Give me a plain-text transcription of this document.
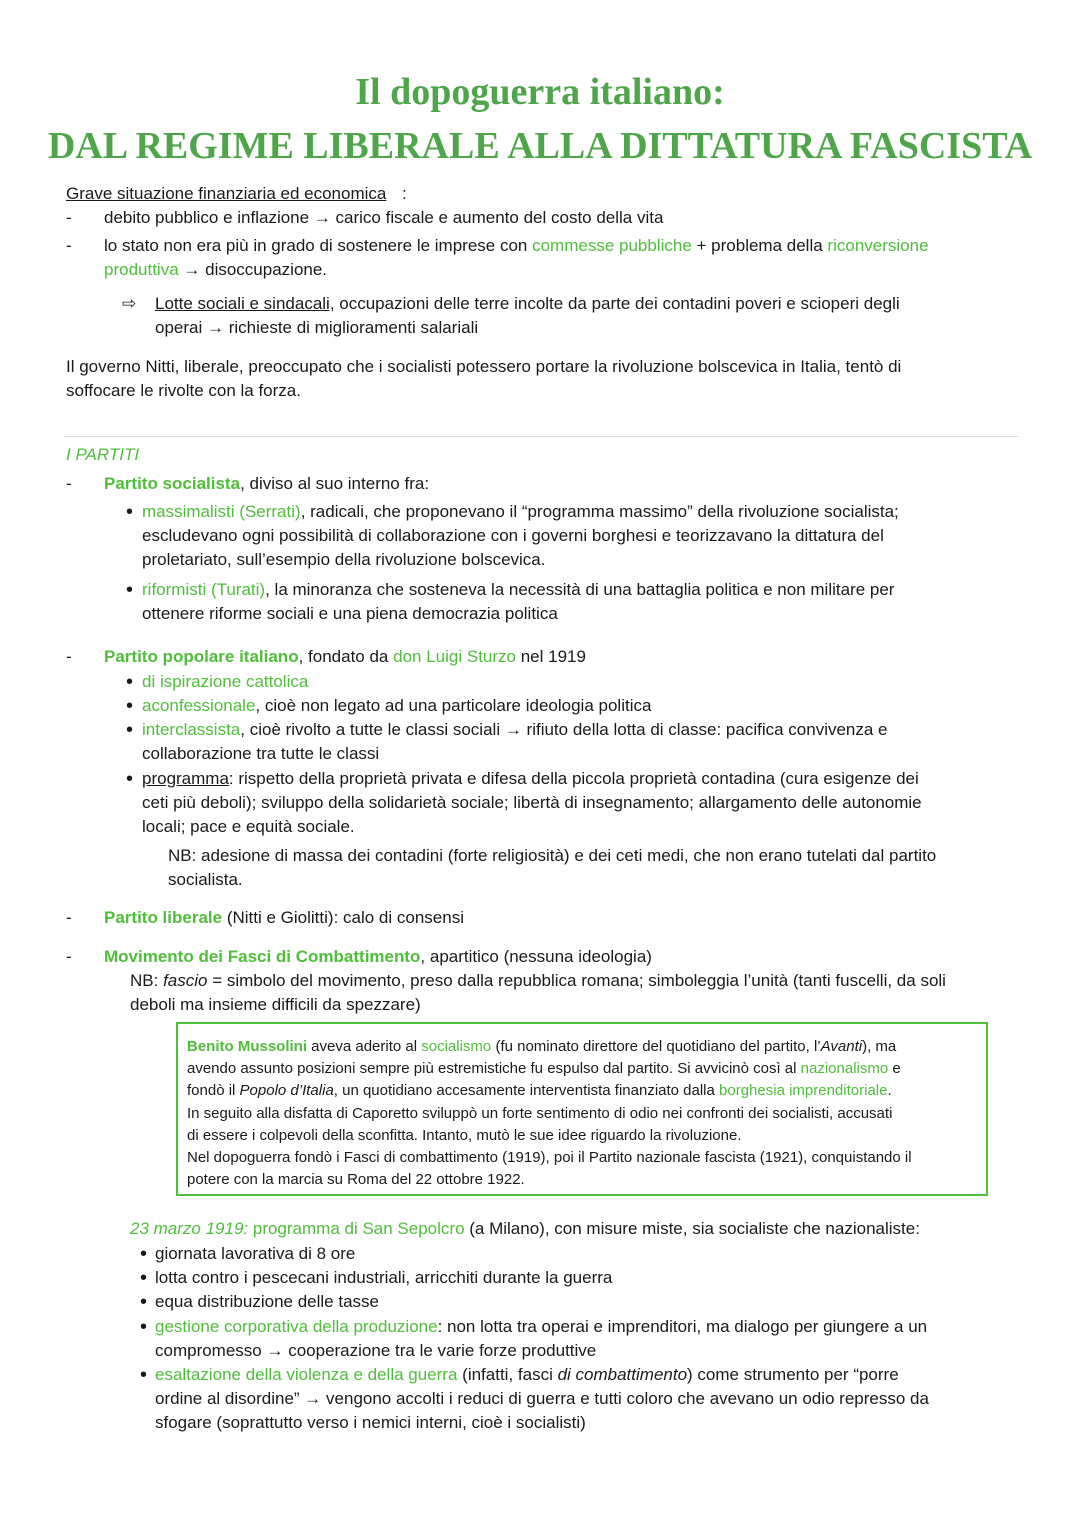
Il dopoguerra italiano:
DAL REGIME LIBERALE ALLA DITTATURA FASCISTA
Grave situazione finanziaria ed economica :
- debito pubblico e inflazione → carico fiscale e aumento del costo della vita
- lo stato non era più in grado di sostenere le imprese con commesse pubbliche + problema della riconversione
produttiva → disoccupazione.
⇨ Lotte sociali e sindacali, occupazioni delle terre incolte da parte dei contadini poveri e scioperi degli
operai → richieste di miglioramenti salariali
Il governo Nitti, liberale, preoccupato che i socialisti potessero portare la rivoluzione bolscevica in Italia, tentò di
soffocare le rivolte con la forza.
I PARTITI
- Partito socialista, diviso al suo interno fra:
• massimalisti (Serrati), radicali, che proponevano il “programma massimo” della rivoluzione socialista;
escludevano ogni possibilità di collaborazione con i governi borghesi e teorizzavano la dittatura del
proletariato, sull’esempio della rivoluzione bolscevica.
• riformisti (Turati), la minoranza che sosteneva la necessità di una battaglia politica e non militare per
ottenere riforme sociali e una piena democrazia politica
- Partito popolare italiano, fondato da don Luigi Sturzo nel 1919
• di ispirazione cattolica
• aconfessionale, cioè non legato ad una particolare ideologia politica
• interclassista, cioè rivolto a tutte le classi sociali → rifiuto della lotta di classe: pacifica convivenza e
collaborazione tra tutte le classi
• programma: rispetto della proprietà privata e difesa della piccola proprietà contadina (cura esigenze dei
ceti più deboli); sviluppo della solidarietà sociale; libertà di insegnamento; allargamento delle autonomie
locali; pace e equità sociale.
NB: adesione di massa dei contadini (forte religiosità) e dei ceti medi, che non erano tutelati dal partito
socialista.
- Partito liberale (Nitti e Giolitti): calo di consensi
- Movimento dei Fasci di Combattimento, apartitico (nessuna ideologia)
NB: fascio = simbolo del movimento, preso dalla repubblica romana; simboleggia l’unità (tanti fuscelli, da soli
deboli ma insieme difficili da spezzare)

Benito Mussolini aveva aderito al socialismo (fu nominato direttore del quotidiano del partito, l’Avanti), ma

avendo assunto posizioni sempre più estremistiche fu espulso dal partito. Si avvicinò così al nazionalismo e

fondò il Popolo d’Italia, un quotidiano accesamente interventista finanziato dalla borghesia imprenditoriale.

In seguito alla disfatta di Caporetto sviluppò un forte sentimento di odio nei confronti dei socialisti, accusati

di essere i colpevoli della sconfitta. Intanto, mutò le sue idee riguardo la rivoluzione.

Nel dopoguerra fondò i Fasci di combattimento (1919), poi il Partito nazionale fascista (1921), conquistando il

potere con la marcia su Roma del 22 ottobre 1922.

23 marzo 1919: programma di San Sepolcro (a Milano), con misure miste, sia socialiste che nazionaliste:
• giornata lavorativa di 8 ore
• lotta contro i pescecani industriali, arricchiti durante la guerra
• equa distribuzione delle tasse
• gestione corporativa della produzione: non lotta tra operai e imprenditori, ma dialogo per giungere a un
compromesso → cooperazione tra le varie forze produttive
• esaltazione della violenza e della guerra (infatti, fasci di combattimento) come strumento per “porre
ordine al disordine” → vengono accolti i reduci di guerra e tutti coloro che avevano un odio represso da
sfogare (soprattutto verso i nemici interni, cioè i socialisti)
